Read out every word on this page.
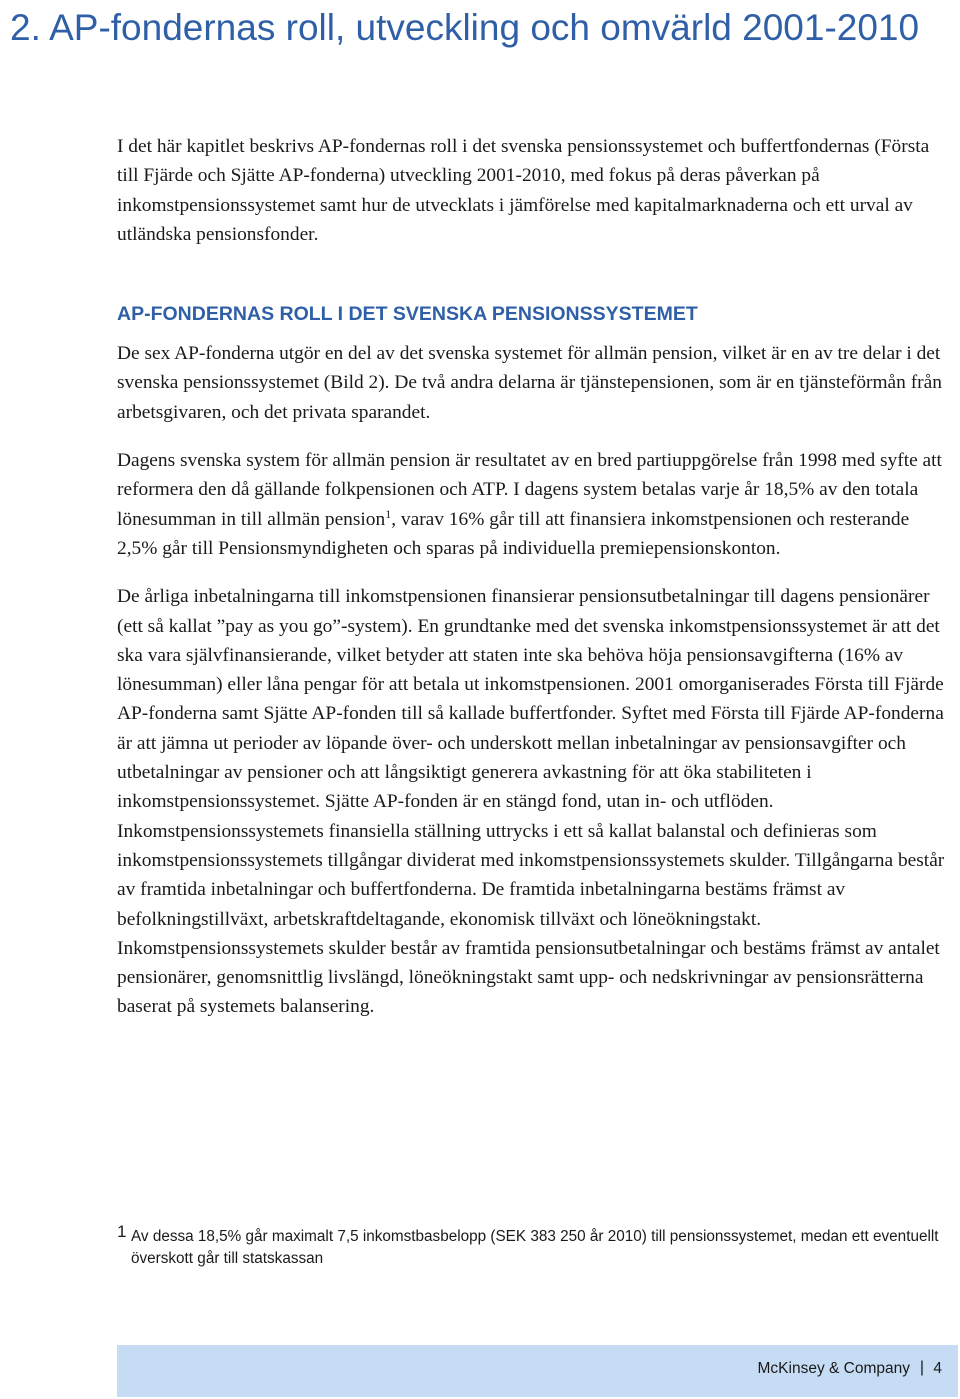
2. AP-fondernas roll, utveckling och omvärld 2001-2010

I det här kapitlet beskrivs AP-fondernas roll i det svenska pensionssystemet och buffertfondernas (Första till Fjärde och Sjätte AP-fonderna) utveckling 2001-2010, med fokus på deras påverkan på inkomstpensionssystemet samt hur de utvecklats i jämförelse med kapitalmarknaderna och ett urval av utländska pensionsfonder.

AP-FONDERNAS ROLL I DET SVENSKA PENSIONSSYSTEMET

De sex AP-fonderna utgör en del av det svenska systemet för allmän pension, vilket är en av tre delar i det svenska pensionssystemet (Bild 2). De två andra delarna är tjänstepensionen, som är en tjänsteförmån från arbetsgivaren, och det privata sparandet.

Dagens svenska system för allmän pension är resultatet av en bred partiuppgörelse från 1998 med syfte att reformera den då gällande folkpensionen och ATP. I dagens system betalas varje år 18,5% av den totala lönesumman in till allmän pension$^1$, varav 16% går till att finansiera inkomstpensionen och resterande 2,5% går till Pensionsmyndigheten och sparas på individuella premiepensionskonton.

De årliga inbetalningarna till inkomstpensionen finansierar pensionsutbetalningar till dagens pensionärer (ett så kallat ”pay as you go”-system). En grundtanke med det svenska inkomstpensionssystemet är att det ska vara självfinansierande, vilket betyder att staten inte ska behöva höja pensionsavgifterna (16% av lönesumman) eller låna pengar för att betala ut inkomstpensionen. 2001 omorganiserades Första till Fjärde AP-fonderna samt Sjätte AP-fonden till så kallade buffertfonder. Syftet med Första till Fjärde AP-fonderna är att jämna ut perioder av löpande över- och underskott mellan inbetalningar av pensionsavgifter och utbetalningar av pensioner och att långsiktigt generera avkastning för att öka stabiliteten i inkomstpensionssystemet. Sjätte AP-fonden är en stängd fond, utan in- och utflöden. Inkomstpensionssystemets finansiella ställning uttrycks i ett så kallat balanstal och definieras som inkomstpensionssystemets tillgångar dividerat med inkomstpensionssystemets skulder. Tillgångarna består av framtida inbetalningar och buffertfonderna. De framtida inbetalningarna bestäms främst av befolkningstillväxt, arbetskraftdeltagande, ekonomisk tillväxt och löneökningstakt.

Inkomstpensionssystemets skulder består av framtida pensionsutbetalningar och bestäms främst av antalet pensionärer, genomsnittlig livslängd, löneökningstakt samt upp- och nedskrivningar av pensionsrätterna baserat på systemets balansering.

1 Av dessa 18,5% går maximalt 7,5 inkomstbasbelopp (SEK 383 250 år 2010) till pensionssystemet, medan ett eventuellt överskott går till statskassan
McKinsey & Company | 4
